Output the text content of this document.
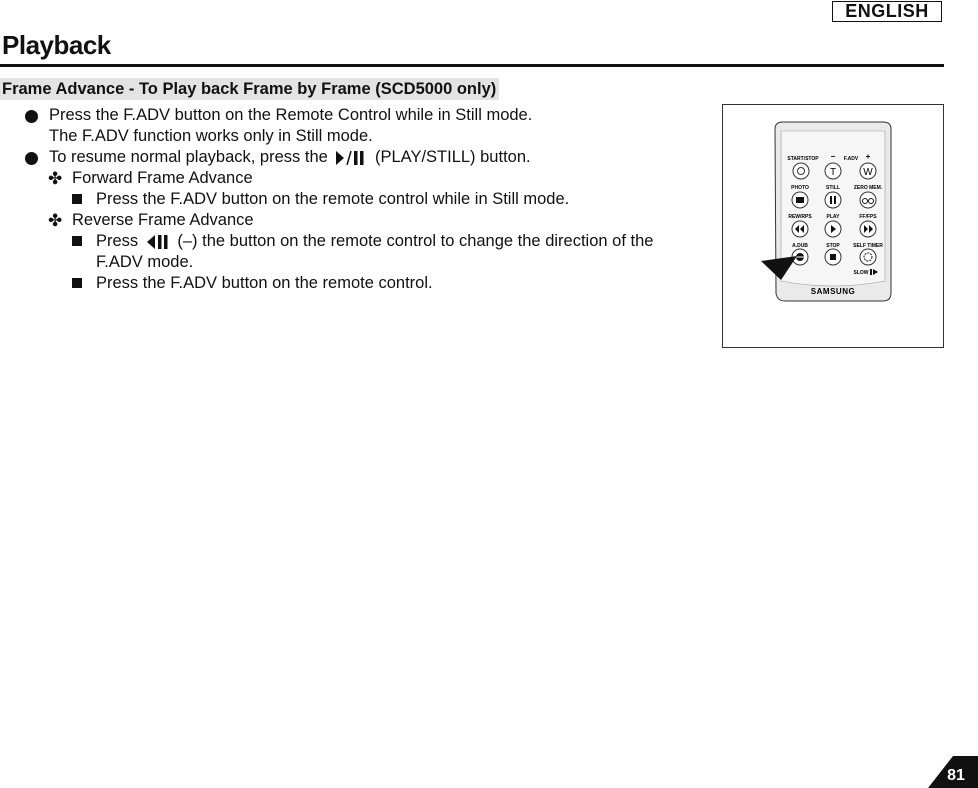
ENGLISH
Playback
Frame Advance - To Play back Frame by Frame (SCD5000 only)
Press the F.ADV button on the Remote Control while in Still mode.
The F.ADV function works only in Still mode.
To resume normal playback, press the	(PLAY/STILL) button.
✤ Forward Frame Advance
Press the F.ADV button on the remote control while in Still mode.
✤ Reverse Frame Advance
Press (–) the button on the remote control to change the direction of the
F.ADV mode.
Press the F.ADV button on the remote control.
START/STOP − F.ADV +
T	W
PHOTO	STILL	ZERO MEM.
REW/RPS	PLAY	FF/FPS
A.DUB	STOP	SELF TIMER
SLOW
SAMSUNG
81
